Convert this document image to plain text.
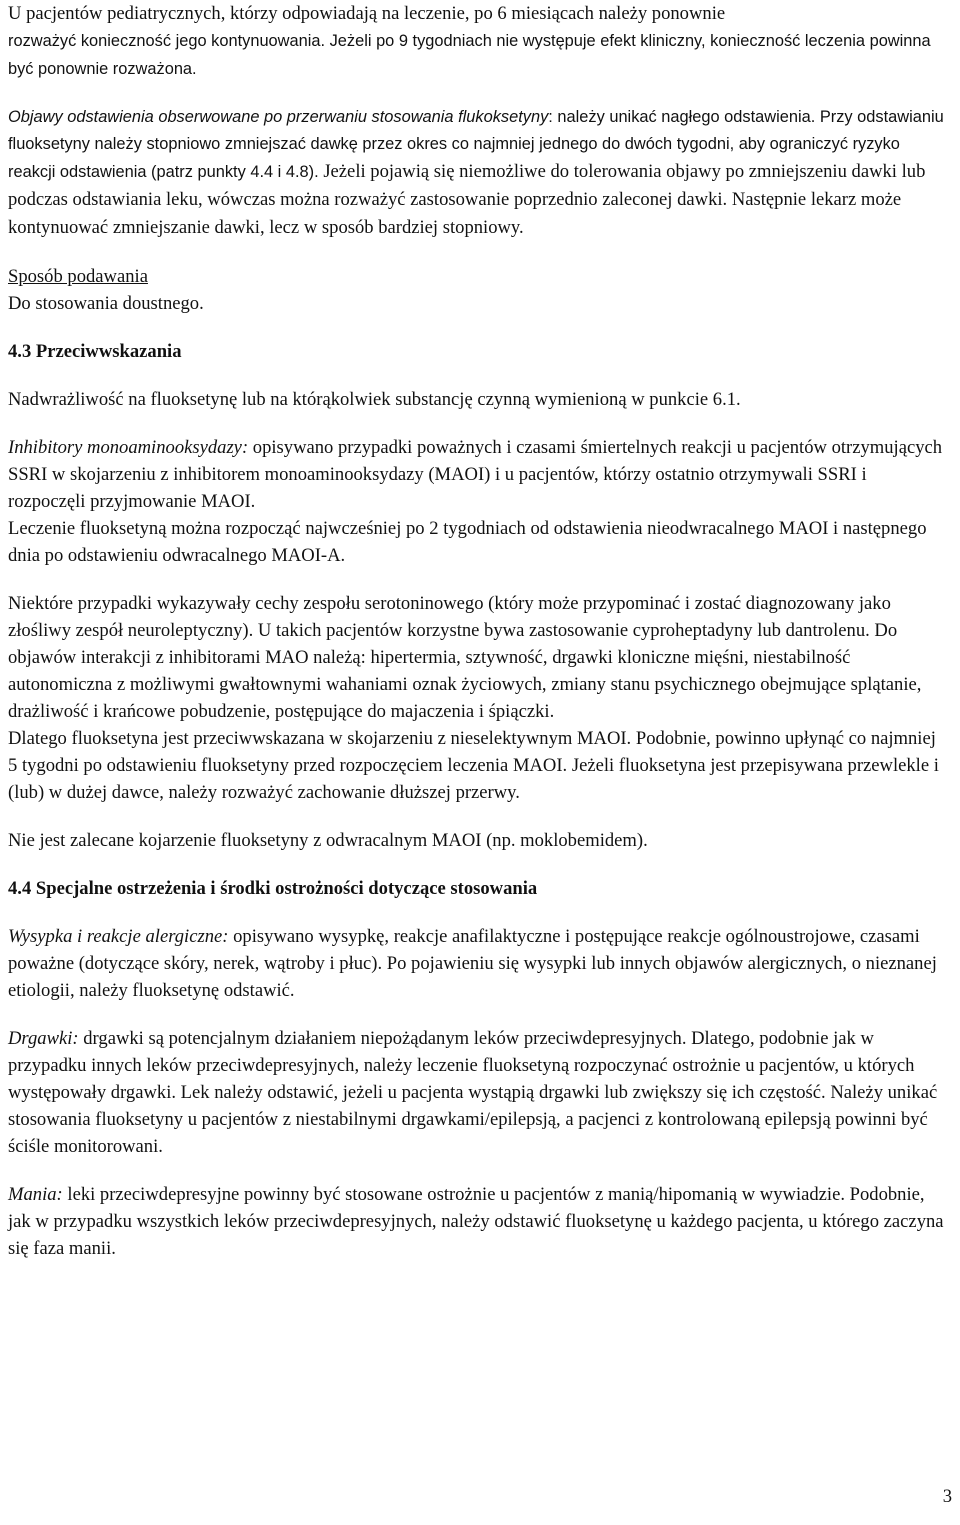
U pacjentów pediatrycznych, którzy odpowiadają na leczenie, po 6 miesiącach należy ponownie
rozważyć konieczność jego kontynuowania. Jeżeli po 9 tygodniach nie występuje efekt kliniczny, konieczność leczenia powinna być ponownie rozważona.

Objawy odstawienia obserwowane po przerwaniu stosowania flukoksetyny: należy unikać nagłego odstawienia. Przy odstawianiu fluoksetyny należy stopniowo zmniejszać dawkę przez okres co najmniej jednego do dwóch tygodni, aby ograniczyć ryzyko reakcji odstawienia (patrz punkty 4.4 i 4.8). Jeżeli pojawią się niemożliwe do tolerowania objawy po zmniejszeniu dawki lub podczas odstawiania leku, wówczas można rozważyć zastosowanie poprzednio zaleconej dawki. Następnie lekarz może kontynuować zmniejszanie dawki, lecz w sposób bardziej stopniowy.

Sposób podawania
Do stosowania doustnego.

4.3 Przeciwwskazania

Nadwrażliwość na fluoksetynę lub na którąkolwiek substancję czynną wymienioną w punkcie 6.1.

Inhibitory monoaminooksydazy: opisywano przypadki poważnych i czasami śmiertelnych reakcji u pacjentów otrzymujących SSRI w skojarzeniu z inhibitorem monoaminooksydazy (MAOI) i u pacjentów, którzy ostatnio otrzymywali SSRI i rozpoczęli przyjmowanie MAOI.
Leczenie fluoksetyną można rozpocząć najwcześniej po 2 tygodniach od odstawienia nieodwracalnego MAOI i następnego dnia po odstawieniu odwracalnego MAOI-A.

Niektóre przypadki wykazywały cechy zespołu serotoninowego (który może przypominać i zostać diagnozowany jako złośliwy zespół neuroleptyczny). U takich pacjentów korzystne bywa zastosowanie cyproheptadyny lub dantrolenu. Do objawów interakcji z inhibitorami MAO należą: hipertermia, sztywność, drgawki kloniczne mięśni, niestabilność autonomiczna z możliwymi gwałtownymi wahaniami oznak życiowych, zmiany stanu psychicznego obejmujące splątanie, drażliwość i krańcowe pobudzenie, postępujące do majaczenia i śpiączki.
Dlatego fluoksetyna jest przeciwwskazana w skojarzeniu z nieselektywnym MAOI. Podobnie, powinno upłynąć co najmniej 5 tygodni po odstawieniu fluoksetyny przed rozpoczęciem leczenia MAOI. Jeżeli fluoksetyna jest przepisywana przewlekle i (lub) w dużej dawce, należy rozważyć zachowanie dłuższej przerwy.

Nie jest zalecane kojarzenie fluoksetyny z odwracalnym MAOI (np. moklobemidem).

4.4 Specjalne ostrzeżenia i środki ostrożności dotyczące stosowania

Wysypka i reakcje alergiczne: opisywano wysypkę, reakcje anafilaktyczne i postępujące reakcje ogólnoustrojowe, czasami poważne (dotyczące skóry, nerek, wątroby i płuc). Po pojawieniu się wysypki lub innych objawów alergicznych, o nieznanej etiologii, należy fluoksetynę odstawić.

Drgawki: drgawki są potencjalnym działaniem niepożądanym leków przeciwdepresyjnych. Dlatego, podobnie jak w przypadku innych leków przeciwdepresyjnych, należy leczenie fluoksetyną rozpoczynać ostrożnie u pacjentów, u których występowały drgawki. Lek należy odstawić, jeżeli u pacjenta wystąpią drgawki lub zwiększy się ich częstość. Należy unikać stosowania fluoksetyny u pacjentów z niestabilnymi drgawkami/epilepsją, a pacjenci z kontrolowaną epilepsją powinni być ściśle monitorowani.

Mania: leki przeciwdepresyjne powinny być stosowane ostrożnie u pacjentów z manią/hipomanią w wywiadzie. Podobnie, jak w przypadku wszystkich leków przeciwdepresyjnych, należy odstawić fluoksetynę u każdego pacjenta, u którego zaczyna się faza manii.

3
